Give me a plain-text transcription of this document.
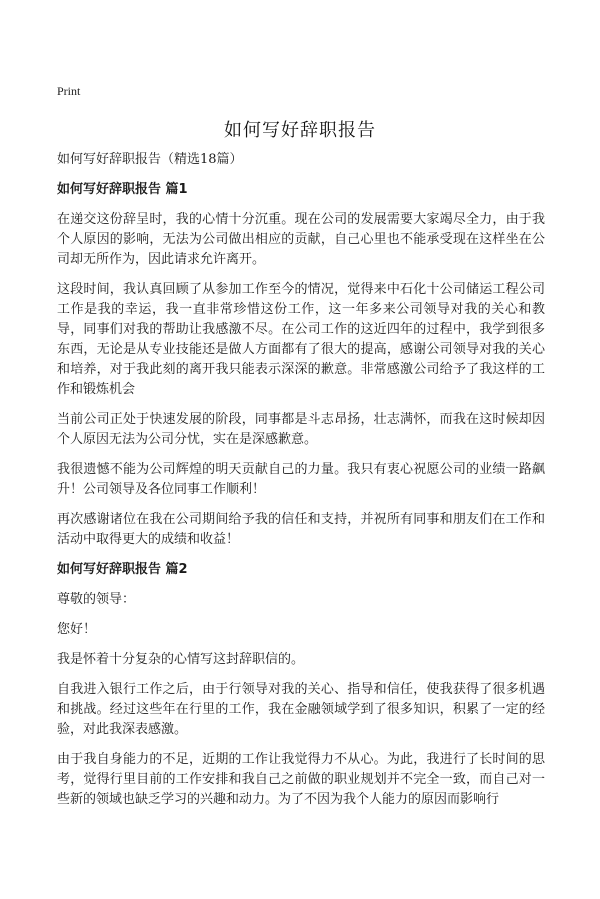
Print
如何写好辞职报告

如何写好辞职报告（精选18篇）

如何写好辞职报告 篇1

在递交这份辞呈时，我的心情十分沉重。现在公司的发展需要大家竭尽全力，由于我个人原因的影响，无法为公司做出相应的贡献，自己心里也不能承受现在这样坐在公司却无所作为，因此请求允许离开。

这段时间，我认真回顾了从参加工作至今的情况，觉得来中石化十公司储运工程公司工作是我的幸运，我一直非常珍惜这份工作，这一年多来公司领导对我的关心和教导，同事们对我的帮助让我感激不尽。在公司工作的这近四年的过程中，我学到很多东西，无论是从专业技能还是做人方面都有了很大的提高，感谢公司领导对我的关心和培养，对于我此刻的离开我只能表示深深的歉意。非常感激公司给予了我这样的工作和锻炼机会

当前公司正处于快速发展的阶段，同事都是斗志昂扬，壮志满怀，而我在这时候却因个人原因无法为公司分忧，实在是深感歉意。

我很遗憾不能为公司辉煌的明天贡献自己的力量。我只有衷心祝愿公司的业绩一路飙升！公司领导及各位同事工作顺利！

再次感谢诸位在我在公司期间给予我的信任和支持，并祝所有同事和朋友们在工作和活动中取得更大的成绩和收益！

如何写好辞职报告 篇2

尊敬的领导：

您好！

我是怀着十分复杂的心情写这封辞职信的。

自我进入银行工作之后，由于行领导对我的关心、指导和信任，使我获得了很多机遇和挑战。经过这些年在行里的工作，我在金融领域学到了很多知识，积累了一定的经验，对此我深表感激。

由于我自身能力的不足，近期的工作让我觉得力不从心。为此，我进行了长时间的思考，觉得行里目前的工作安排和我自己之前做的职业规划并不完全一致，而自己对一些新的领域也缺乏学习的兴趣和动力。为了不因为我个人能力的原因而影响行
